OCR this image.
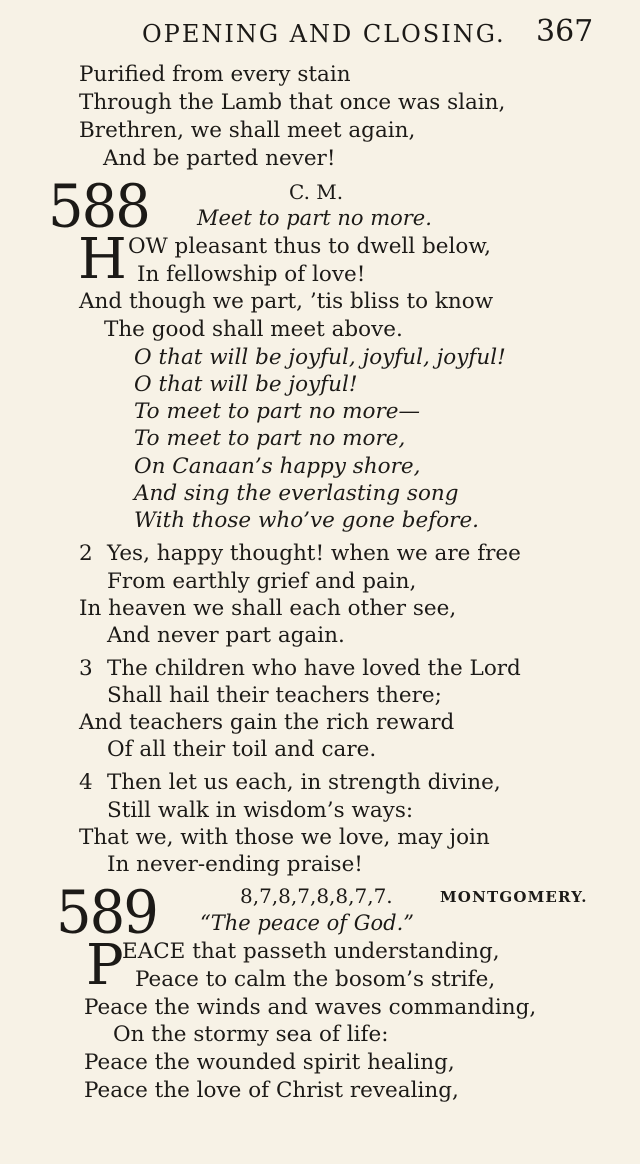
OPENING AND CLOSING. 367
Purified from every stain
Through the Lamb that once was slain,
Brethren, we shall meet again,
And be parted never!
588	C. M.
Meet to part no more.
H OW pleasant thus to dwell below,
In fellowship of love!
And though we part, ’tis bliss to know
The good shall meet above.
O that will be joyful, joyful, joyful!
O that will be joyful!
To meet to part no more—
To meet to part no more,
On Canaan’s happy shore,
And sing the everlasting song
With those who’ve gone before.
2 Yes, happy thought! when we are free
From earthly grief and pain,
In heaven we shall each other see,
And never part again.
3 The children who have loved the Lord
Shall hail their teachers there;
And teachers gain the rich reward
Of all their toil and care.
4 Then let us each, in strength divine,
Still walk in wisdom’s ways:
That we, with those we love, may join
In never-ending praise!
589	8,7,8,7,8,8,7,7.	MONTGOMERY.
“The peace of God.”
P
EACE that passeth understanding,
Peace to calm the bosom’s strife,
Peace the winds and waves commanding,
On the stormy sea of life:
Peace the wounded spirit healing,
Peace the love of Christ revealing,
